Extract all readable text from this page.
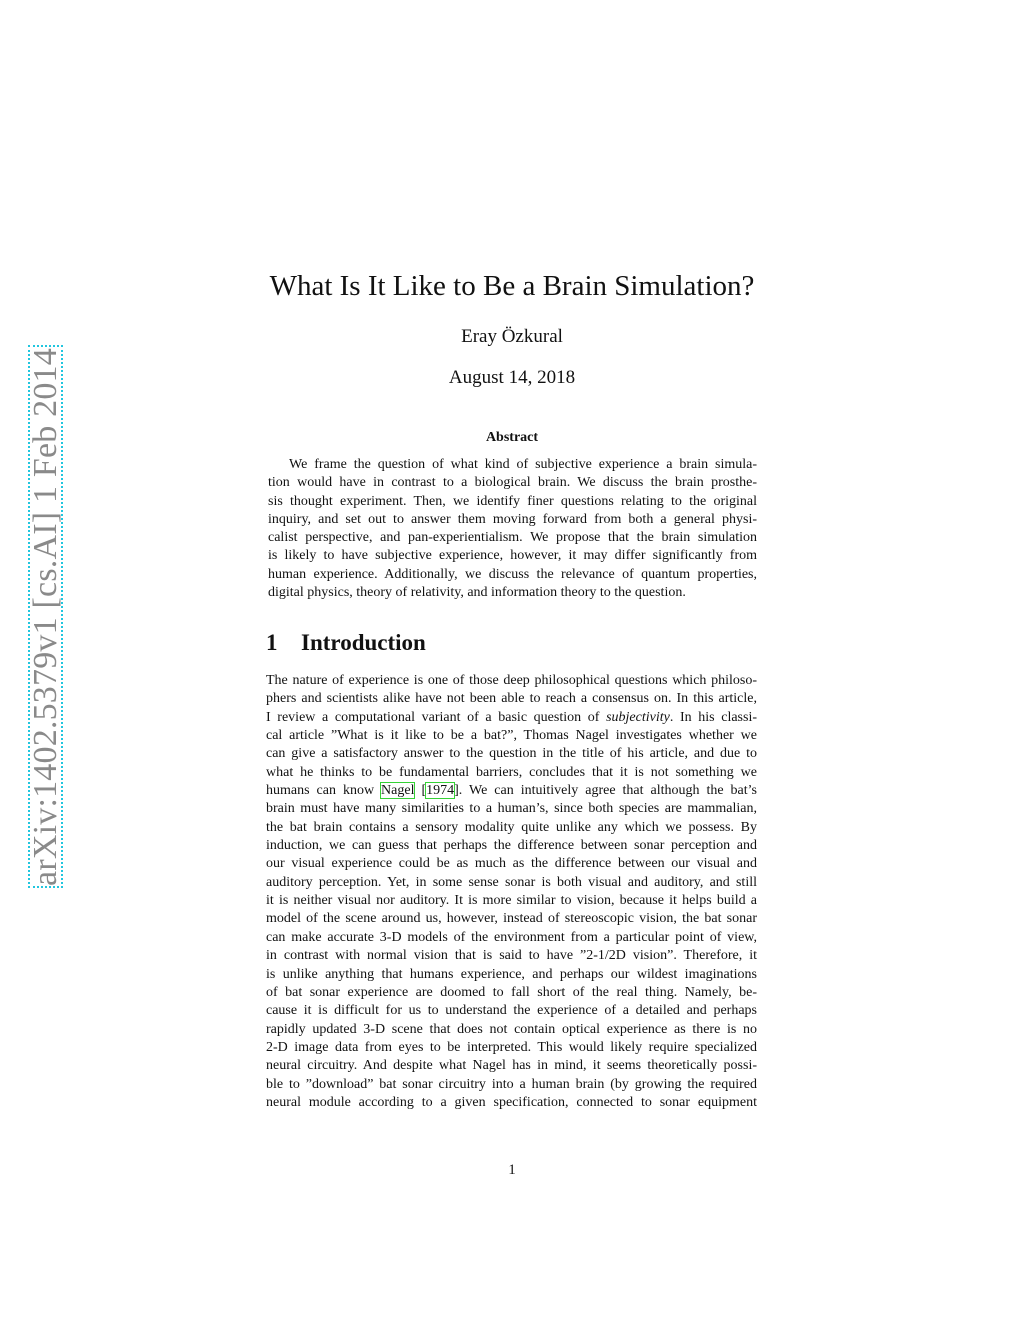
arXiv:1402.5379v1 [cs.AI] 1 Feb 2014
What Is It Like to Be a Brain Simulation?
Eray Özkural
August 14, 2018
Abstract
We frame the question of what kind of subjective experience a brain simula-
tion would have in contrast to a biological brain. We discuss the brain prosthe-
sis thought experiment. Then, we identify finer questions relating to the original
inquiry, and set out to answer them moving forward from both a general physi-
calist perspective, and pan-experientialism. We propose that the brain simulation
is likely to have subjective experience, however, it may differ significantly from
human experience. Additionally, we discuss the relevance of quantum properties,
digital physics, theory of relativity, and information theory to the question.
1 Introduction
The nature of experience is one of those deep philosophical questions which philoso-
phers and scientists alike have not been able to reach a consensus on. In this article,
I review a computational variant of a basic question of subjectivity. In his classi-
cal article ”What is it like to be a bat?”, Thomas Nagel investigates whether we
can give a satisfactory answer to the question in the title of his article, and due to
what he thinks to be fundamental barriers, concludes that it is not something we
humans can know Nagel [1974]. We can intuitively agree that although the bat’s
brain must have many similarities to a human’s, since both species are mammalian,
the bat brain contains a sensory modality quite unlike any which we possess. By
induction, we can guess that perhaps the difference between sonar perception and
our visual experience could be as much as the difference between our visual and
auditory perception. Yet, in some sense sonar is both visual and auditory, and still
it is neither visual nor auditory. It is more similar to vision, because it helps build a
model of the scene around us, however, instead of stereoscopic vision, the bat sonar
can make accurate 3-D models of the environment from a particular point of view,
in contrast with normal vision that is said to have ”2-1/2D vision”. Therefore, it
is unlike anything that humans experience, and perhaps our wildest imaginations
of bat sonar experience are doomed to fall short of the real thing. Namely, be-
cause it is difficult for us to understand the experience of a detailed and perhaps
rapidly updated 3-D scene that does not contain optical experience as there is no
2-D image data from eyes to be interpreted. This would likely require specialized
neural circuitry. And despite what Nagel has in mind, it seems theoretically possi-
ble to ”download” bat sonar circuitry into a human brain (by growing the required
neural module according to a given specification, connected to sonar equipment
1
